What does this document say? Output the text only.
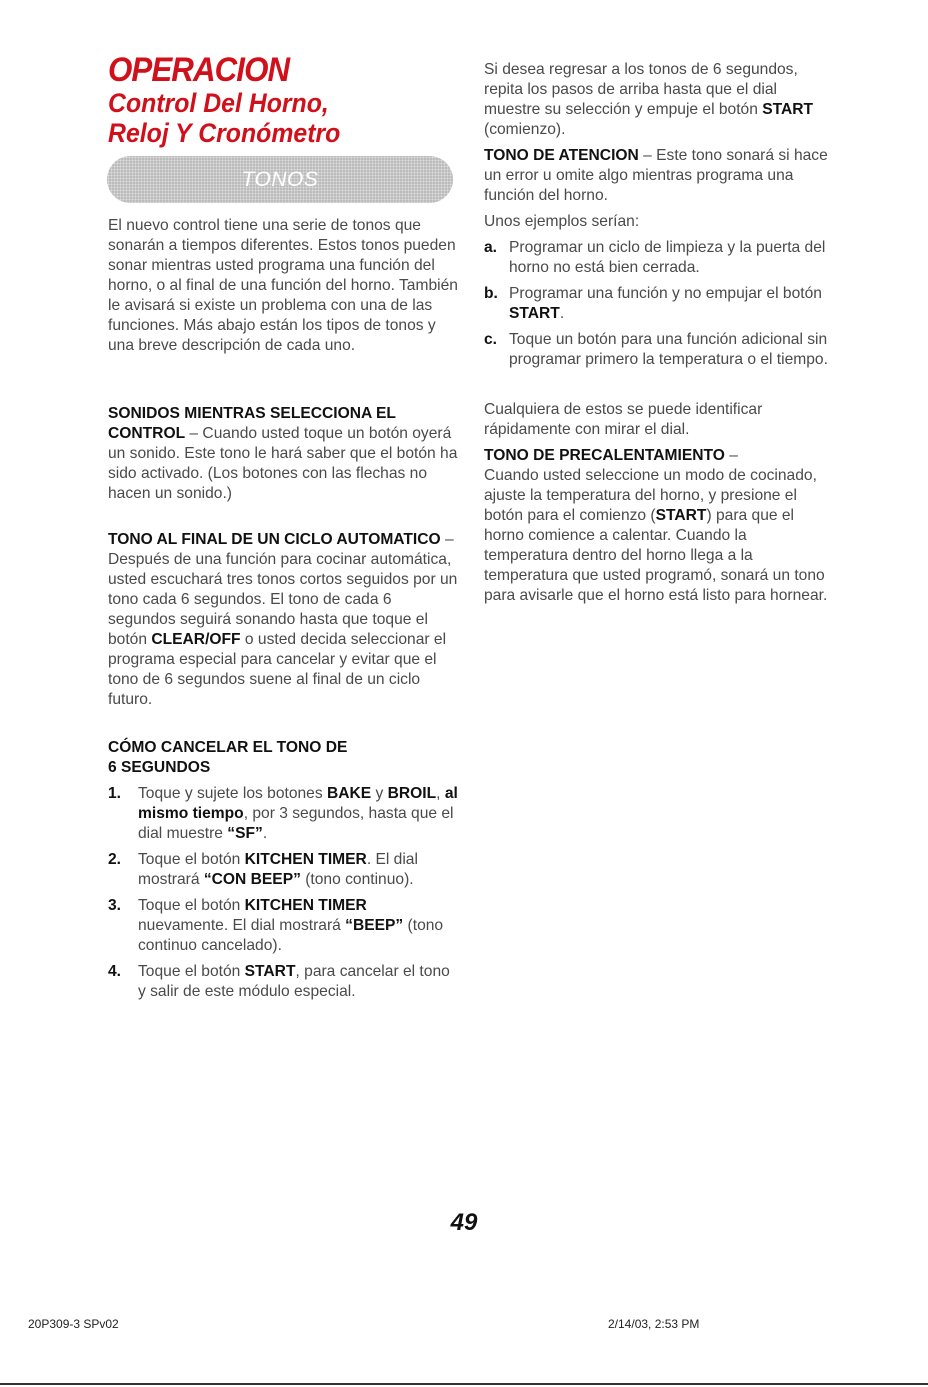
OPERACION
Control Del Horno,
Reloj Y Cronómetro
TONOS

El nuevo control tiene una serie de tonos que sonarán a tiempos diferentes. Estos tonos pueden sonar mientras usted programa una función del horno, o al final de una función del horno. También le avisará si existe un problema con una de las funciones. Más abajo están los tipos de tonos y una breve descripción de cada uno.

SONIDOS MIENTRAS SELECCIONA EL CONTROL – Cuando usted toque un botón oyerá un sonido. Este tono le hará saber que el botón ha sido activado. (Los botones con las flechas no hacen un sonido.)

TONO AL FINAL DE UN CICLO AUTOMATICO – Después de una función para cocinar automática, usted escuchará tres tonos cortos seguidos por un tono cada 6 segundos. El tono de cada 6 segundos seguirá sonando hasta que toque el botón CLEAR/OFF o usted decida seleccionar el programa especial para cancelar y evitar que el tono de 6 segundos suene al final de un ciclo futuro.

CÓMO CANCELAR EL TONO DE
6 SEGUNDOS
1. Toque y sujete los botones BAKE y BROIL, al mismo tiempo, por 3 segundos, hasta que el dial muestre “SF”.
2. Toque el botón KITCHEN TIMER. El dial mostrará “CON BEEP” (tono continuo).
3. Toque el botón KITCHEN TIMER nuevamente. El dial mostrará “BEEP” (tono continuo cancelado).
4. Toque el botón START, para cancelar el tono y salir de este módulo especial.

Si desea regresar a los tonos de 6 segundos, repita los pasos de arriba hasta que el dial muestre su selección y empuje el botón START (comienzo).

TONO DE ATENCION – Este tono sonará si hace un error u omite algo mientras programa una función del horno.

Unos ejemplos serían:

a. Programar un ciclo de limpieza y la puerta del horno no está bien cerrada.
b. Programar una función y no empujar el botón START.
c. Toque un botón para una función adicional sin programar primero la temperatura o el tiempo.

Cualquiera de estos se puede identificar rápidamente con mirar el dial.

TONO DE PRECALENTAMIENTO –

Cuando usted seleccione un modo de cocinado, ajuste la temperatura del horno, y presione el botón para el comienzo (START) para que el horno comience a calentar. Cuando la temperatura dentro del horno llega a la temperatura que usted programó, sonará un tono para avisarle que el horno está listo para hornear.

49
20P309-3 SPv02	2/14/03, 2:53 PM
